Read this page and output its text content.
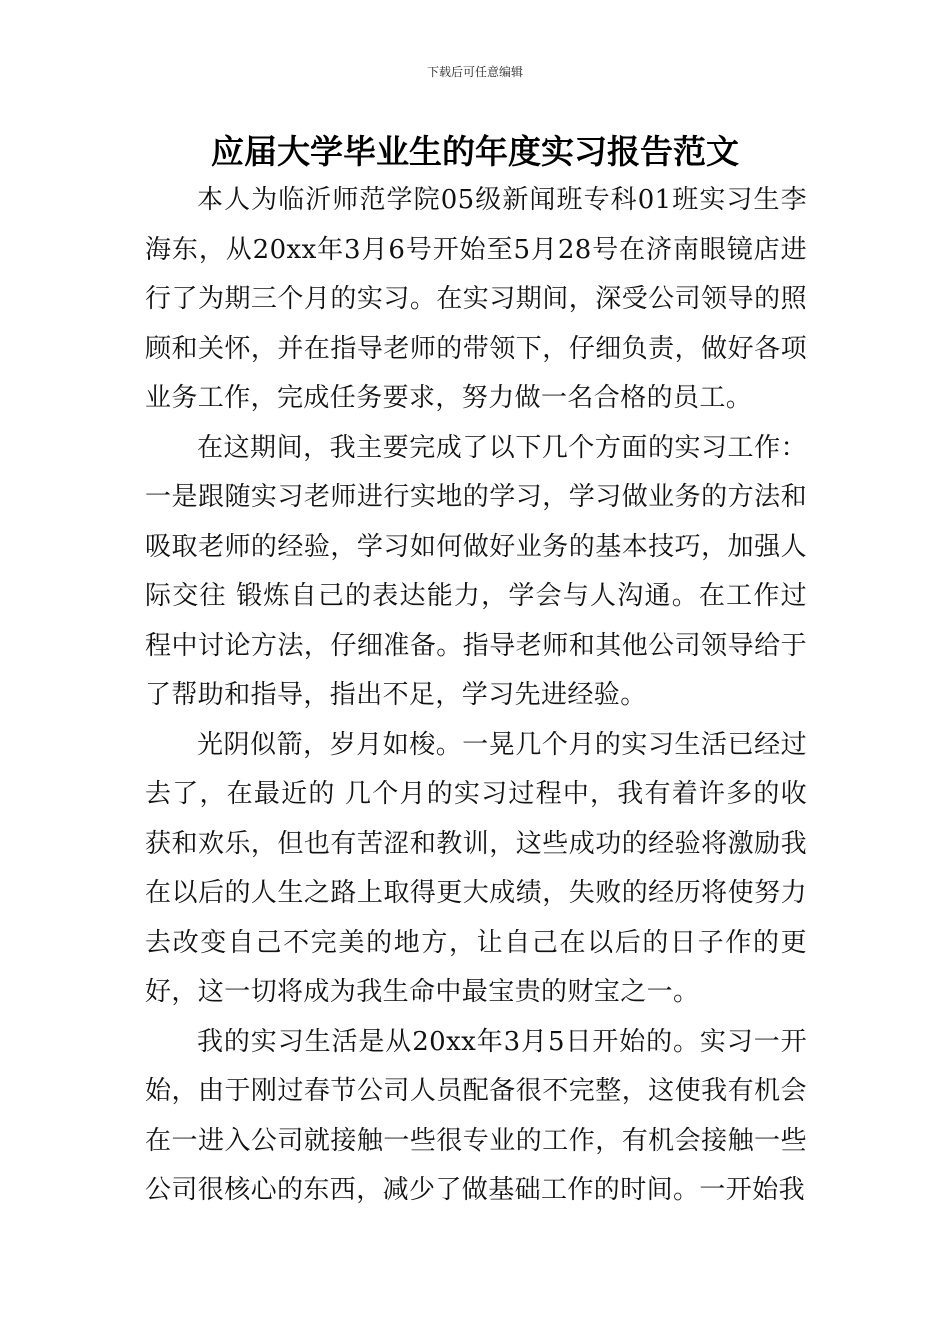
下载后可任意编辑
应届大学毕业生的年度实习报告范文

本人为临沂师范学院05级新闻班专科01班实习生李海东，从20xx年3月6号开始至5月28号在济南眼镜店进行了为期三个月的实习。在实习期间，深受公司领导的照顾和关怀，并在指导老师的带领下，仔细负责，做好各项业务工作，完成任务要求，努力做一名合格的员工。

在这期间，我主要完成了以下几个方面的实习工作：一是跟随实习老师进行实地的学习，学习做业务的方法和吸取老师的经验，学习如何做好业务的基本技巧，加强人际交往 锻炼自己的表达能力，学会与人沟通。在工作过程中讨论方法，仔细准备。指导老师和其他公司领导给于了帮助和指导，指出不足，学习先进经验。

光阴似箭，岁月如梭。一晃几个月的实习生活已经过去了，在最近的 几个月的实习过程中，我有着许多的收获和欢乐，但也有苦涩和教训，这些成功的经验将激励我在以后的人生之路上取得更大成绩，失败的经历将使努力去改变自己不完美的地方，让自己在以后的日子作的更好，这一切将成为我生命中最宝贵的财宝之一。

我的实习生活是从20xx年3月5日开始的。实习一开始，由于刚过春节公司人员配备很不完整，这使我有机会在一进入公司就接触一些很专业的工作，有机会接触一些公司很核心的东西，减少了做基础工作的时间。一开始我
